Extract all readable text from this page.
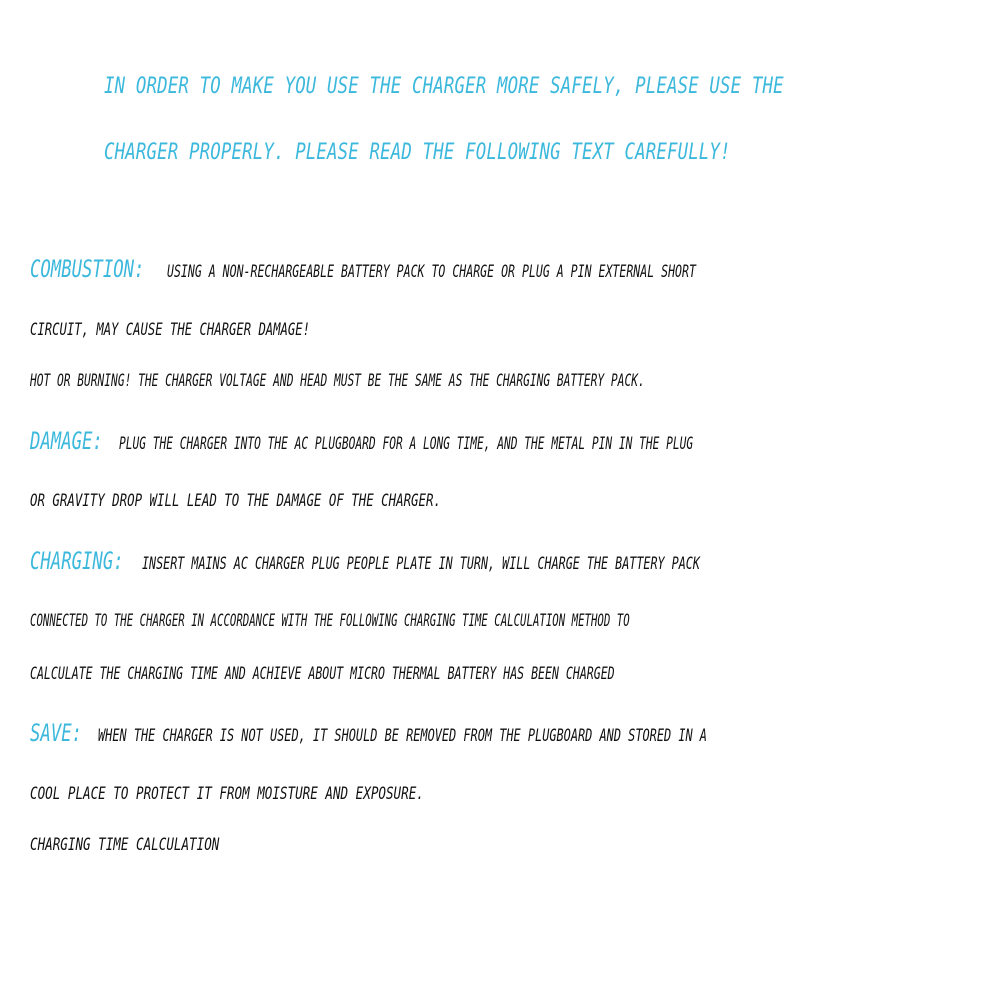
IN ORDER TO MAKE YOU USE THE CHARGER MORE SAFELY, PLEASE USE THE
CHARGER PROPERLY. PLEASE READ THE FOLLOWING TEXT CAREFULLY!
COMBUSTION: USING A NON-RECHARGEABLE BATTERY PACK TO CHARGE OR PLUG A PIN EXTERNAL SHORT
CIRCUIT, MAY CAUSE THE CHARGER DAMAGE!
HOT OR BURNING! THE CHARGER VOLTAGE AND HEAD MUST BE THE SAME AS THE CHARGING BATTERY PACK.
DAMAGE: PLUG THE CHARGER INTO THE AC PLUGBOARD FOR A LONG TIME, AND THE METAL PIN IN THE PLUG
OR GRAVITY DROP WILL LEAD TO THE DAMAGE OF THE CHARGER.
CHARGING: INSERT MAINS AC CHARGER PLUG PEOPLE PLATE IN TURN, WILL CHARGE THE BATTERY PACK
CONNECTED TO THE CHARGER IN ACCORDANCE WITH THE FOLLOWING CHARGING TIME CALCULATION METHOD TO
CALCULATE THE CHARGING TIME AND ACHIEVE ABOUT MICRO THERMAL BATTERY HAS BEEN CHARGED
SAVE: WHEN THE CHARGER IS NOT USED, IT SHOULD BE REMOVED FROM THE PLUGBOARD AND STORED IN A
COOL PLACE TO PROTECT IT FROM MOISTURE AND EXPOSURE.
CHARGING TIME CALCULATION
